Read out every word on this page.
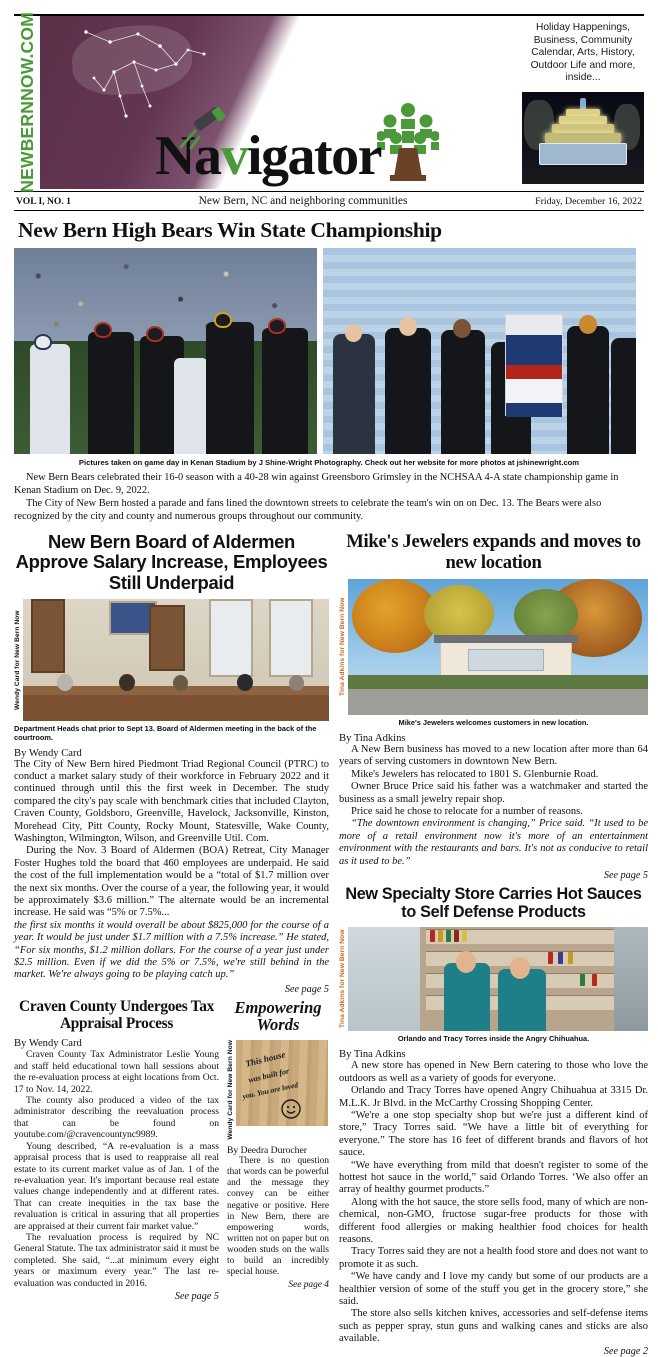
NEWBERNNOW.COM Navigator
Holiday Happenings, Business, Community Calendar, Arts, History, Outdoor Life and more, inside...
VOL I, NO. 1	New Bern, NC and neighboring communities	Friday, December 16, 2022
New Bern High Bears Win State Championship
Pictures taken on game day in Kenan Stadium by J Shine-Wright Photography. Check out her website for more photos at jshinewright.com

New Bern Bears celebrated their 16-0 season with a 40-28 win against Greensboro Grimsley in the NCHSAA 4-A state championship game in Kenan Stadium on Dec. 9, 2022.

The City of New Bern hosted a parade and fans lined the downtown streets to celebrate the team's win on on Dec. 13. The Bears were also recognized by the city and county and numerous groups throughout our community.

New Bern Board of Aldermen Approve Salary Increase, Employees Still Underpaid
Wendy Card for New Bern Now
Department Heads chat prior to Sept 13. Board of Aldermen meeting in the back of the courtroom.
By Wendy Card

The City of New Bern hired Piedmont Triad Regional Council (PTRC) to conduct a market salary study of their workforce in February 2022 and it continued through until this the first week in December. The study compared the city's pay scale with benchmark cities that included Clayton, Craven County, Goldsboro, Greenville, Havelock, Jacksonville, Kinston, Morehead City, Pitt County, Rocky Mount, Statesville, Wake County, Washington, Wilmington, Wilson, and Greenville Util. Com.

During the Nov. 3 Board of Aldermen (BOA) Retreat, City Manager Foster Hughes told the board that 460 employees are underpaid. He said the cost of the full implementation would be a “total of $1.7 million over the next six months. Over the course of a year, the following year, it would be approximately $3.6 million.” The alternate would be an incremental increase. He said was “5% or 7.5%...

the first six months it would overall be about $825,000 for the course of a year. It would be just under $1.7 million with a 7.5% increase.” He stated, “For six months, $1.2 million dollars. For the course of a year just under $2.5 million. Even if we did the 5% or 7.5%, we're still behind in the market. We're always going to be playing catch up.”

See page 5
Craven County Undergoes Tax Appraisal Process
By Wendy Card

Craven County Tax Administrator Leslie Young and staff held educational town hall sessions about the re-evaluation process at eight locations from Oct. 17 to Nov. 14, 2022.

The county also produced a video of the tax administrator describing the reevaluation process that can be found on youtube.com/@cravencountync9989.

Young described, “A re-evaluation is a mass appraisal process that is used to reappraise all real estate to its current market value as of Jan. 1 of the re-evaluation year. It's important because real estate values change independently and at different rates. That can create inequities in the tax base the revaluation is critical in assuring that all properties are appraised at their current fair market value.”

The revaluation process is required by NC General Statute. The tax administrator said it must be completed. She said, “...at minimum every eight years or maximum every year.” The last re-evaluation was conducted in 2016.

See page 5
Empowering Words
Wendy Card for New Bern Now This house
was built for
you. You are loved
By Deedra Durocher

There is no question that words can be powerful and the message they convey can be either negative or positive. Here in New Bern, there are empowering words, written not on paper but on wooden studs on the walls to build an incredibly special house.

See page 4
Mike's Jewelers expands and moves to new location
Tina Adkins for New Bern Now
Mike's Jewelers welcomes customers in new location.
By Tina Adkins

A New Bern business has moved to a new location after more than 64 years of serving customers in downtown New Bern.

Mike's Jewelers has relocated to 1801 S. Glenburnie Road.

Owner Bruce Price said his father was a watchmaker and started the business as a small jewelry repair shop.

Price said he chose to relocate for a number of reasons.

“The downtown environment is changing,” Price said. “It used to be more of a retail environment now it's more of an entertainment environment with the restaurants and bars. It's not as conducive to retail as it used to be.”

See page 5
New Specialty Store Carries Hot Sauces to Self Defense Products
Tina Adkins for New Bern Now
Orlando and Tracy Torres inside the Angry Chihuahua.
By Tina Adkins

A new store has opened in New Bern catering to those who love the outdoors as well as a variety of goods for everyone.

Orlando and Tracy Torres have opened Angry Chihuahua at 3315 Dr. M.L.K. Jr Blvd. in the McCarthy Crossing Shopping Center.

“We're a one stop specialty shop but we're just a different kind of store,” Tracy Torres said. “We have a little bit of everything for everyone.” The store has 16 feet of different brands and flavors of hot sauce.

“We have everything from mild that doesn't register to some of the hottest hot sauce in the world,” said Orlando Torres. ‘We also offer an array of healthy gourmet products.”

Along with the hot sauce, the store sells food, many of which are non-chemical, non-GMO, fructose sugar-free products for those with different food allergies or making healthier food choices for health reasons.

Tracy Torres said they are not a health food store and does not want to promote it as such.

“We have candy and I love my candy but some of our products are a healthier version of some of the stuff you get in the grocery store,” she said.

The store also sells kitchen knives, accessories and self-defense items such as pepper spray, stun guns and walking canes and sticks are also available.

See page 2
